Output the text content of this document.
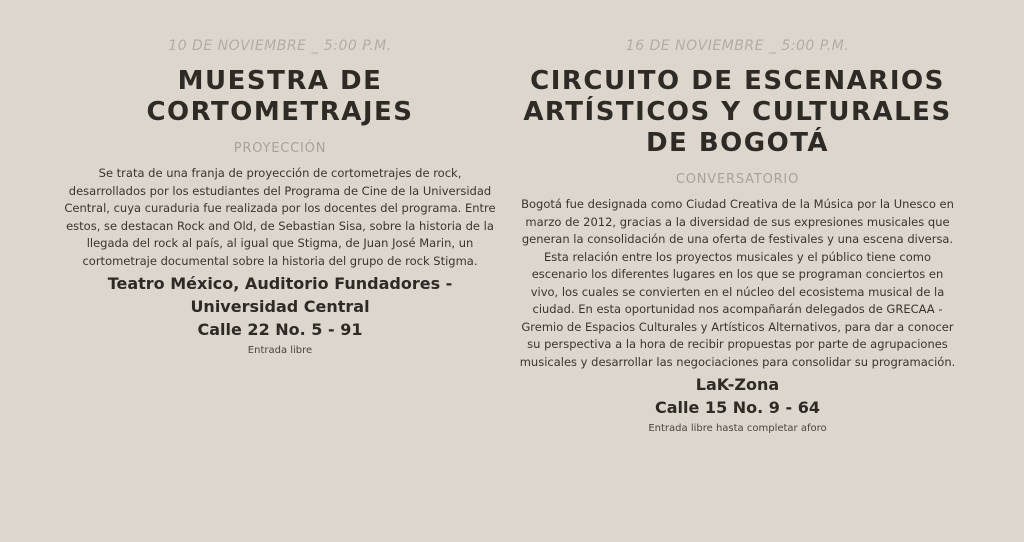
10 DE NOVIEMBRE _ 5:00 P.M.
MUESTRA DE
CORTOMETRAJES
PROYECCIÓN

Se trata de una franja de proyección de cortometrajes de rock, desarrollados por los estudiantes del Programa de Cine de la Universidad Central, cuya curaduria fue realizada por los docentes del programa. Entre estos, se destacan Rock and Old, de Sebastian Sisa, sobre la historia de la llegada del rock al país, al igual que Stigma, de Juan José Marin, un cortometraje documental sobre la historia del grupo de rock Stigma.

Teatro México, Auditorio Fundadores - Universidad Central
Calle 22 No. 5 - 91
Entrada libre
16 DE NOVIEMBRE _ 5:00 P.M.
CIRCUITO DE ESCENARIOS
ARTÍSTICOS Y CULTURALES
DE BOGOTÁ
CONVERSATORIO

Bogotá fue designada como Ciudad Creativa de la Música por la Unesco en marzo de 2012, gracias a la diversidad de sus expresiones musicales que generan la consolidación de una oferta de festivales y una escena diversa. Esta relación entre los proyectos musicales y el público tiene como escenario los diferentes lugares en los que se programan conciertos en vivo, los cuales se convierten en el núcleo del ecosistema musical de la ciudad. En esta oportunidad nos acompañarán delegados de GRECAA - Gremio de Espacios Culturales y Artísticos Alternativos, para dar a conocer su perspectiva a la hora de recibir propuestas por parte de agrupaciones musicales y desarrollar las negociaciones para consolidar su programación.

LaK-Zona
Calle 15 No. 9 - 64
Entrada libre hasta completar aforo
